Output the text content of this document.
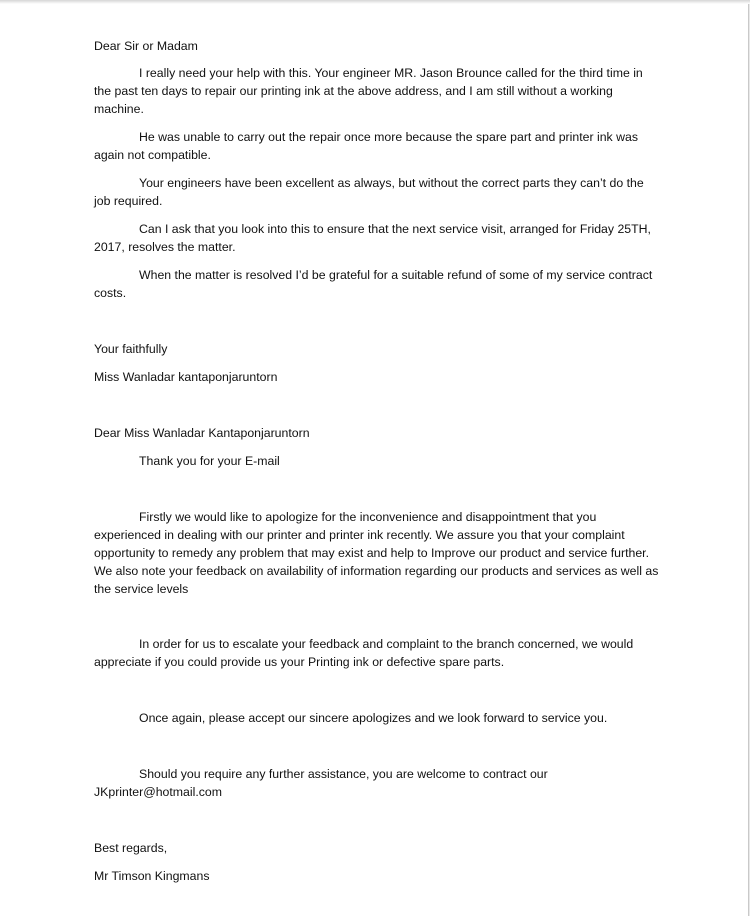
Dear Sir or Madam

I really need your help with this. Your engineer MR. Jason Brounce called for the third time in the past ten days to repair our printing ink at the above address, and I am still without a working machine.

He was unable to carry out the repair once more because the spare part and printer ink was again not compatible.

Your engineers have been excellent as always, but without the correct parts they can’t do the job required.

Can I ask that you look into this to ensure that the next service visit, arranged for Friday 25TH, 2017, resolves the matter.

When the matter is resolved I’d be grateful for a suitable refund of some of my service contract costs.

Your faithfully
Miss Wanladar kantaponjaruntorn
Dear Miss Wanladar Kantaponjaruntorn
Thank you for your E-mail

Firstly we would like to apologize for the inconvenience and disappointment that you experienced in dealing with our printer and printer ink recently. We assure you that your complaint opportunity to remedy any problem that may exist and help to Improve our product and service further. We also note your feedback on availability of information regarding our products and services as well as the service levels

In order for us to escalate your feedback and complaint to the branch concerned, we would appreciate if you could provide us your Printing ink or defective spare parts.

Once again, please accept our sincere apologizes and we look forward to service you.

Should you require any further assistance, you are welcome to contract our JKprinter@hotmail.com

Best regards,
Mr Timson Kingmans
